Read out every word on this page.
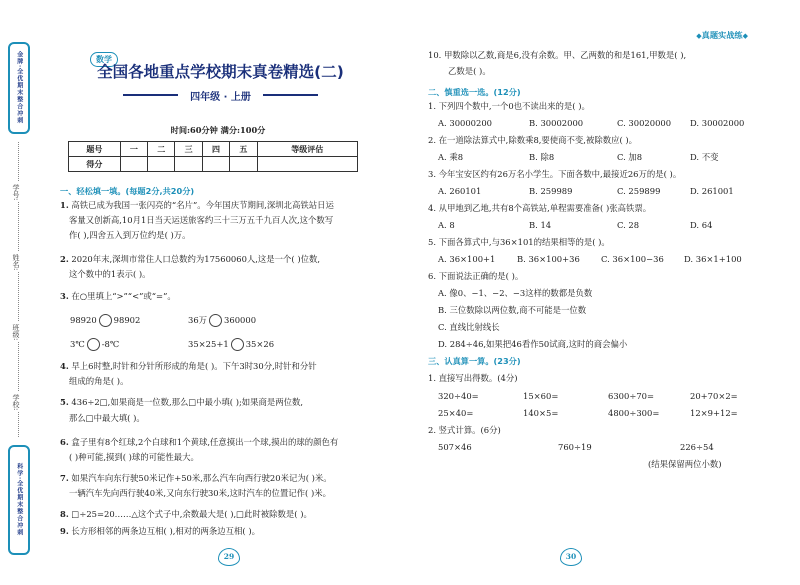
金牌·全优期末整合冲刺
学号:
姓名:
班级:
学校:
科学·全优期末整合冲刺
数学
全国各地重点学校期末真卷精选(二)
四年级 · 上册
时间:60分钟 满分:100分
题号	一	二	三	四	五	等级评估
得分						
一、轻松填一填。(每题2分,共20分)
1. 高铁已成为我国一张闪亮的“名片”。今年国庆节期间,深圳北高铁站日运
客量又创新高,10月1日当天运送旅客约三十三万五千九百人次,这个数写
作( ),四舍五入到万位约是( )万。
2. 2020年末,深圳市常住人口总数约为17560060人,这是一个( )位数,
这个数中的1表示( )。
3. 在○里填上“>”“<”或“=”。
98920 98902	36万 360000
3℃ -8℃	35×25+1 35×26
4. 早上6时整,时针和分针所形成的角是( )。下午3时30分,时针和分针
组成的角是( )。
5. 436÷2□,如果商是一位数,那么□中最小填( );如果商是两位数,
那么□中最大填( )。
6. 盒子里有8个红球,2个白球和1个黄球,任意摸出一个球,摸出的球的颜色有
( )种可能,摸到( )球的可能性最大。
7. 如果汽车向东行驶50米记作+50米,那么汽车向西行驶20米记为( )米。
一辆汽车先向西行驶40米,又向东行驶30米,这时汽车的位置记作( )米。
8. □÷25=20……△这个式子中,余数最大是( ),□此时被除数是( )。
9. 长方形相邻的两条边互相( ),相对的两条边互相( )。
29
◆真题实战练◆
10. 甲数除以乙数,商是6,没有余数。甲、乙两数的和是161,甲数是( ),
乙数是( )。
二、慎重选一选。(12分)
1. 下列四个数中,一个0也不读出来的是( )。
A. 30000200	B. 30002000	C. 30020000 D. 30002000
2. 在一道除法算式中,除数乘8,要使商不变,被除数应( )。
A. 乘8	B. 除8	C. 加8	D. 不变
3. 今年宝安区约有26万名小学生。下面各数中,最接近26万的是( )。
A. 260101	B. 259989	C. 259899	D. 261001
4. 从甲地到乙地,共有8个高铁站,单程需要准备( )张高铁票。
A. 8	B. 14	C. 28	D. 64
5. 下面各算式中,与36×101的结果相等的是( )。
A. 36×100+1	B. 36×100+36	C. 36×100−36 D. 36×1+100
6. 下面说法正确的是( )。
A. 像0、−1、−2、−3这样的数都是负数
B. 三位数除以两位数,商不可能是一位数
C. 直线比射线长
D. 284÷46,如果把46看作50试商,这时的商会偏小
三、认真算一算。(23分)
1. 直接写出得数。(4分)
320÷40=	15×60=	6300÷70=	20+70×2=
25×40=	140×5=	4800÷300=	12×9+12=
2. 竖式计算。(6分)
507×46	760÷19	226÷54
(结果保留两位小数)
30
